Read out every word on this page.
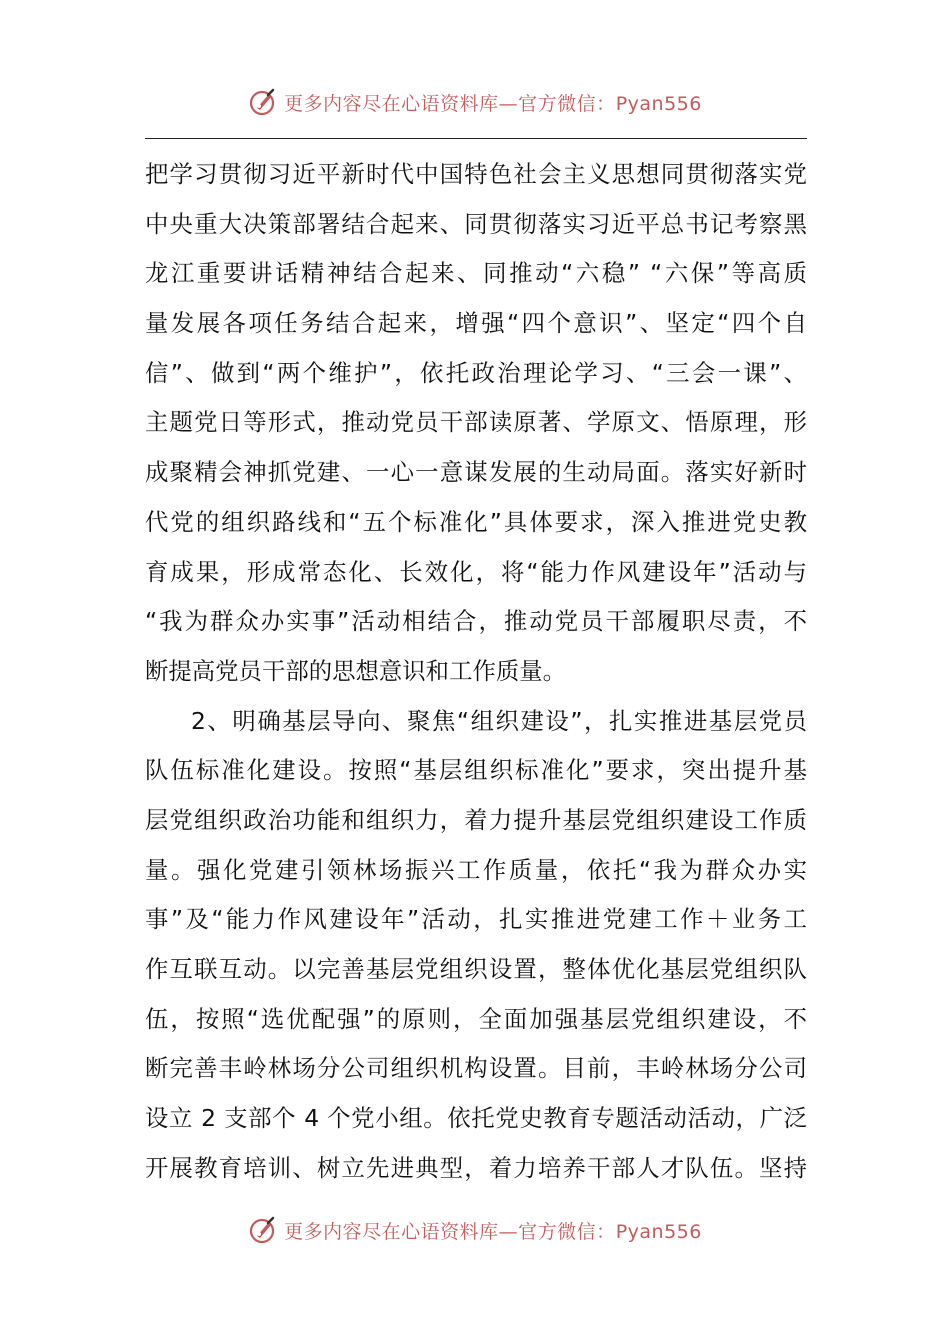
更多内容尽在心语资料库—官方微信：Pyan556
把学习贯彻习近平新时代中国特色社会主义思想同贯彻落实党
中央重大决策部署结合起来、同贯彻落实习近平总书记考察黑
龙江重要讲话精神结合起来、同推动“六稳” “六保”等高质
量发展各项任务结合起来，增强“四个意识”、坚定“四个自
信”、做到“两个维护”，依托政治理论学习、“三会一课”、
主题党日等形式，推动党员干部读原著、学原文、悟原理，形
成聚精会神抓党建、一心一意谋发展的生动局面。落实好新时
代党的组织路线和“五个标准化”具体要求，深入推进党史教
育成果，形成常态化、长效化，将“能力作风建设年”活动与
“我为群众办实事”活动相结合，推动党员干部履职尽责，不
断提高党员干部的思想意识和工作质量。
2、明确基层导向、聚焦“组织建设”，扎实推进基层党员
队伍标准化建设。按照“基层组织标准化”要求，突出提升基
层党组织政治功能和组织力，着力提升基层党组织建设工作质
量。强化党建引领林场振兴工作质量，依托“我为群众办实
事”及“能力作风建设年”活动，扎实推进党建工作＋业务工
作互联互动。以完善基层党组织设置，整体优化基层党组织队
伍，按照“选优配强”的原则，全面加强基层党组织建设，不
断完善丰岭林场分公司组织机构设置。目前，丰岭林场分公司
设立 2 支部个 4 个党小组。依托党史教育专题活动活动，广泛
开展教育培训、树立先进典型，着力培养干部人才队伍。坚持
更多内容尽在心语资料库—官方微信：Pyan556
